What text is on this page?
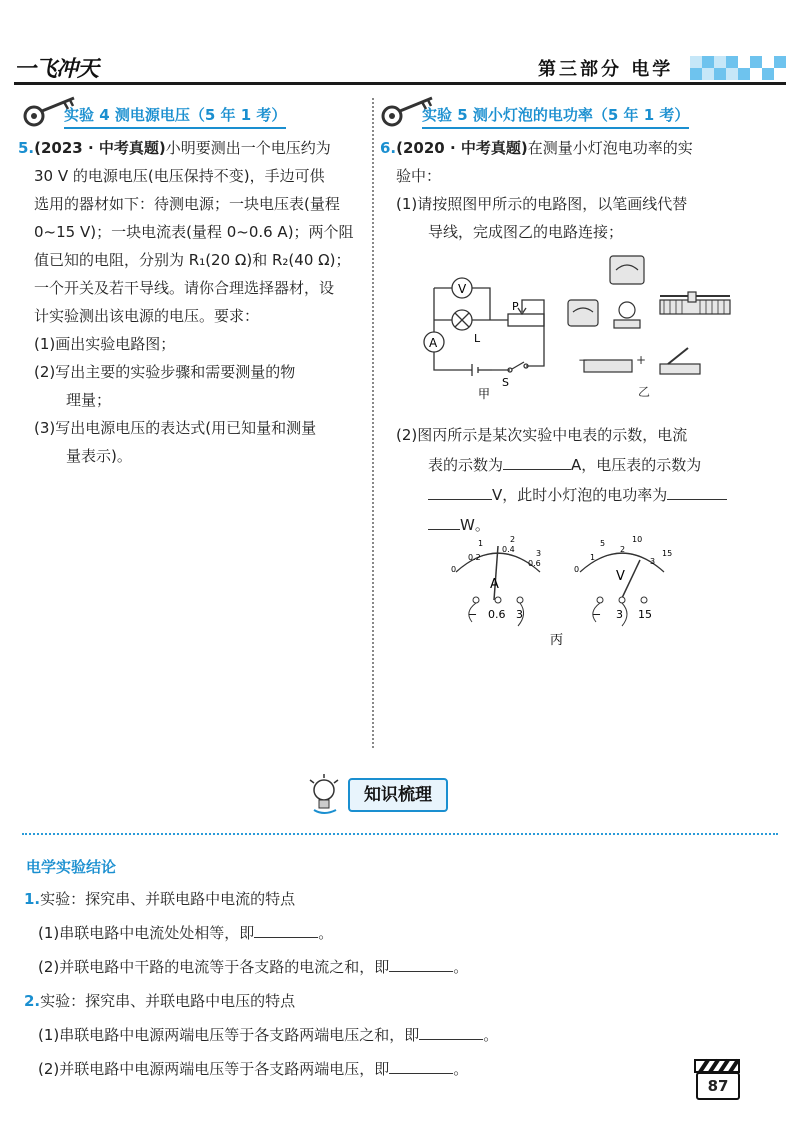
一飞冲天	第三部分 电学
实验 4 测电源电压（5 年 1 考）
5.(2023 · 中考真题)小明要测出一个电压约为
30 V 的电源电压(电压保持不变)，手边可供
选用的器材如下：待测电源；一块电压表(量程
0~15 V)；一块电流表(量程 0~0.6 A)；两个阻
值已知的电阻，分别为 R₁(20 Ω)和 R₂(40 Ω)；
一个开关及若干导线。请你合理选择器材，设
计实验测出该电源的电压。要求：
(1)画出实验电路图；
(2)写出主要的实验步骤和需要测量的物
理量；
(3)写出电源电压的表达式(用已知量和测量
量表示)。
实验 5 测小灯泡的电功率（5 年 1 考）
6.(2020 · 中考真题)在测量小灯泡电功率的实
验中：
(1)请按照图甲所示的电路图，以笔画线代替
导线，完成图乙的电路连接；
V
A	L
P
S
甲
−	+
乙
(2)图丙所示是某次实验中电表的示数，电流
表的示数为	A，电压表的示数为
V，此时小灯泡的电功率为
W。
0
0.2
0.4
0.6
1	2
3
A
− 0.6 3
0
1
2
3
5	10
15
V
− 3 15
丙
知识梳理
电学实验结论
1.实验：探究串、并联电路中电流的特点
(1)串联电路中电流处处相等，即	。
(2)并联电路中干路的电流等于各支路的电流之和，即	。
2.实验：探究串、并联电路中电压的特点
(1)串联电路中电源两端电压等于各支路两端电压之和，即	。
(2)并联电路中电源两端电压等于各支路两端电压，即	。
87
